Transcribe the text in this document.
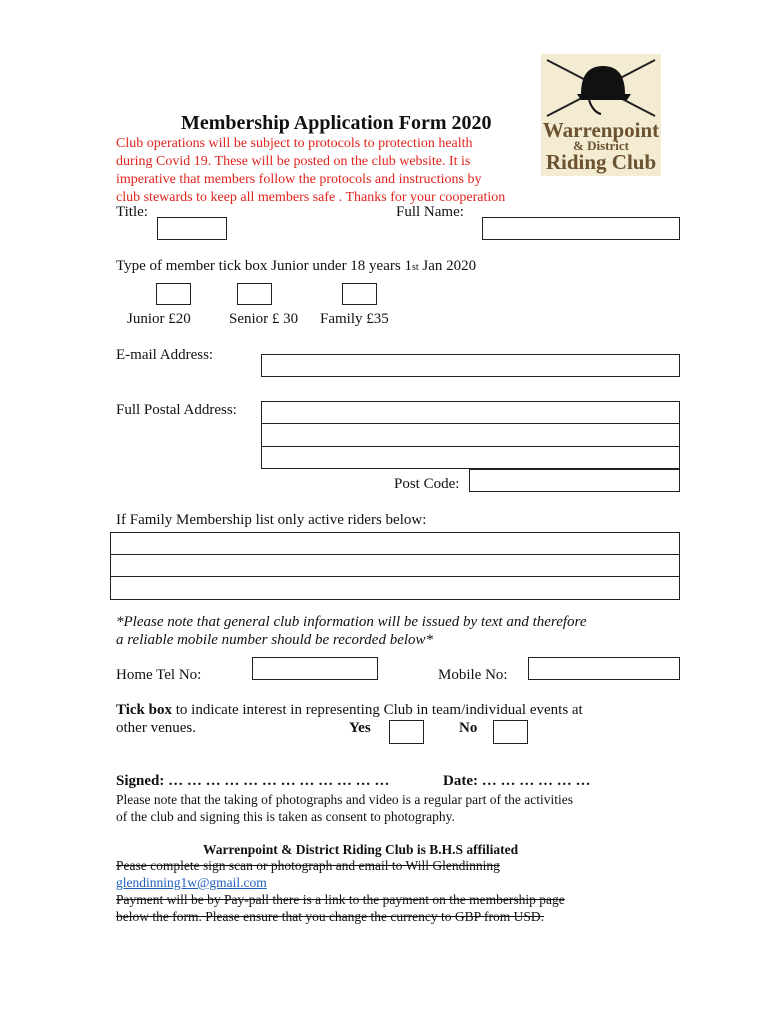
Warrenpoint
& District
Riding Club
Membership Application Form 2020
Club operations will be subject to protocols to protection health
during Covid 19. These will be posted on the club website. It is
imperative that members follow the protocols and instructions by
club stewards to keep all members safe . Thanks for your cooperation
Title:	Full Name:
Type of member tick box Junior under 18 years 1st Jan 2020
Junior £20	Senior £ 30 Family £35
E-mail Address:
Full Postal Address:
Post Code:
If Family Membership list only active riders below:
*Please note that general club information will be issued by text and therefore
a reliable mobile number should be recorded below*
Home Tel No:	Mobile No:
Tick box to indicate interest in representing Club in team/individual events at
other venues.	Yes	No
Signed: … … … … … … … … … … … …	Date: … … … … … …
Please note that the taking of photographs and video is a regular part of the activities
of the club and signing this is taken as consent to photography.
Warrenpoint & District Riding Club is B.H.S affiliated
Pease complete sign scan or photograph and email to Will Glendinning
glendinning1w@gmail.com
Payment will be by Pay-pall there is a link to the payment on the membership page
below the form. Please ensure that you change the currency to GBP from USD.
